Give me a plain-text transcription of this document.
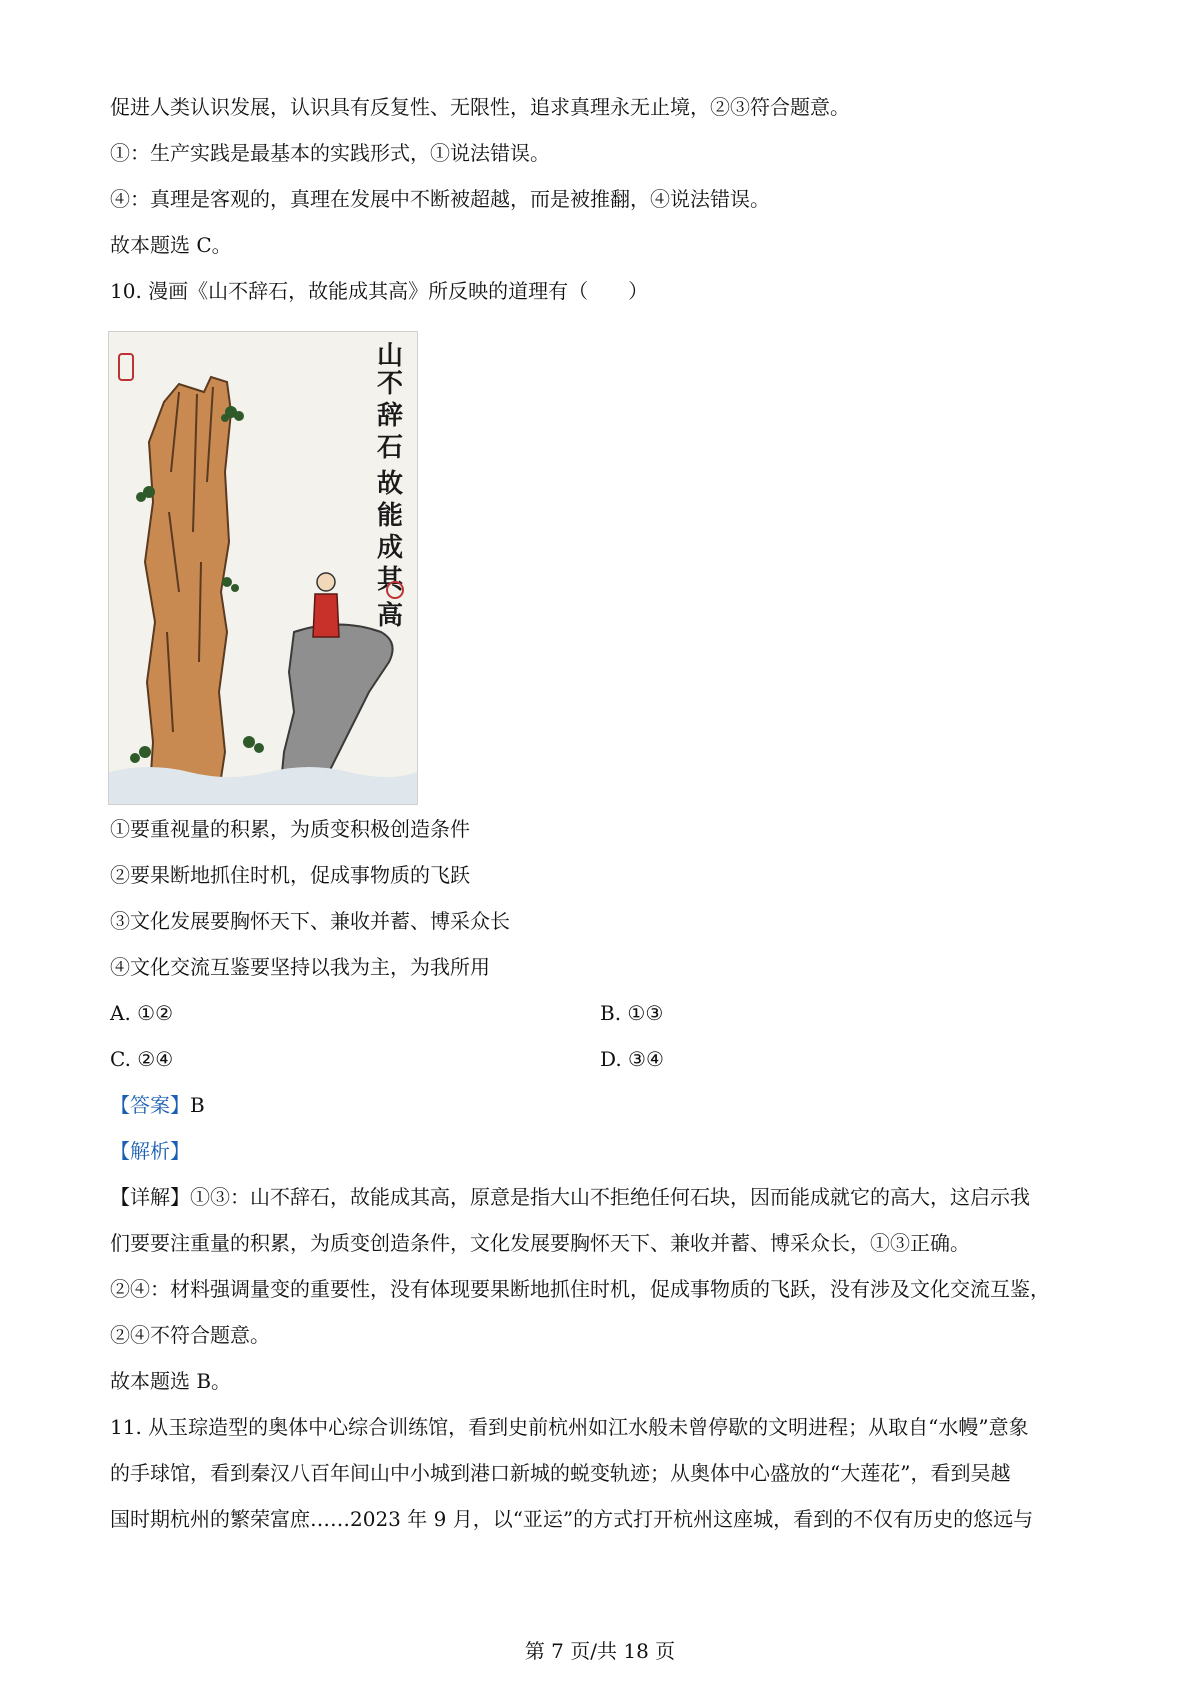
促进人类认识发展，认识具有反复性、无限性，追求真理永无止境，②③符合题意。
①：生产实践是最基本的实践形式，①说法错误。
④：真理是客观的，真理在发展中不断被超越，而是被推翻，④说法错误。
故本题选 C。
10. 漫画《山不辞石，故能成其高》所反映的道理有（　　）
山
不
辞
石
故
能
成
其
高
①要重视量的积累，为质变积极创造条件
②要果断地抓住时机，促成事物质的飞跃
③文化发展要胸怀天下、兼收并蓄、博采众长
④文化交流互鉴要坚持以我为主，为我所用
A. ①②	B. ①③
C. ②④	D. ③④
【答案】B
【解析】
【详解】①③：山不辞石，故能成其高，原意是指大山不拒绝任何石块，因而能成就它的高大，这启示我
们要要注重量的积累，为质变创造条件，文化发展要胸怀天下、兼收并蓄、博采众长，①③正确。
②④：材料强调量变的重要性，没有体现要果断地抓住时机，促成事物质的飞跃，没有涉及文化交流互鉴，
②④不符合题意。
故本题选 B。
11. 从玉琮造型的奥体中心综合训练馆，看到史前杭州如江水般未曾停歇的文明进程；从取自“水幔”意象
的手球馆，看到秦汉八百年间山中小城到港口新城的蜕变轨迹；从奥体中心盛放的“大莲花”，看到吴越
国时期杭州的繁荣富庶……2023 年 9 月，以“亚运”的方式打开杭州这座城，看到的不仅有历史的悠远与
第 7 页/共 18 页
